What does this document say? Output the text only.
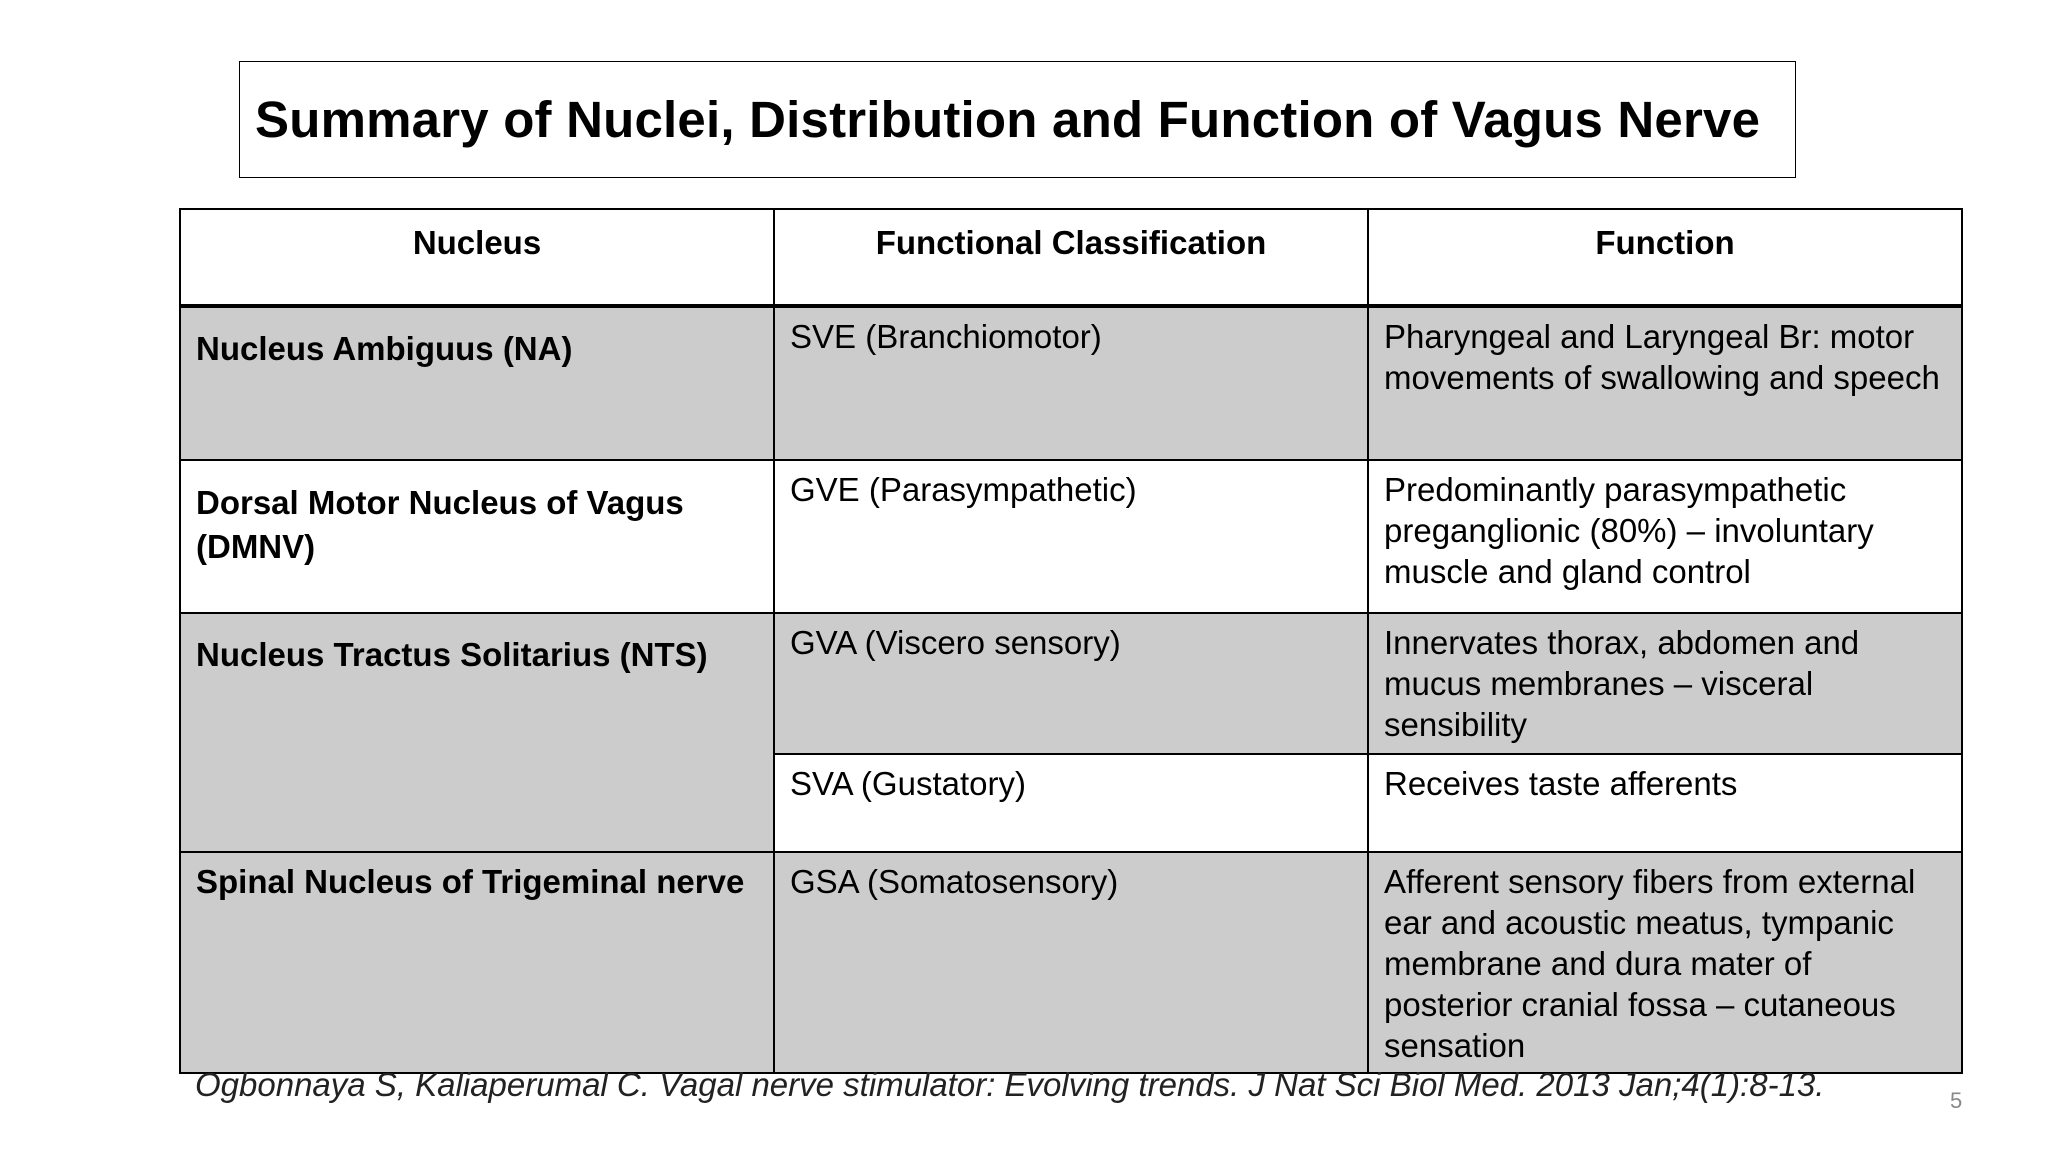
Summary of Nuclei, Distribution and Function of Vagus Nerve
Nucleus	Functional Classification	Function
Nucleus Ambiguus (NA)	SVE (Branchiomotor)	Pharyngeal and Laryngeal Br: motor movements of swallowing and speech
Dorsal Motor Nucleus of Vagus (DMNV)	GVE (Parasympathetic)	Predominantly parasympathetic preganglionic (80%) – involuntary muscle and gland control
Nucleus Tractus Solitarius (NTS)	GVA (Viscero sensory)	Innervates thorax, abdomen and mucus membranes – visceral sensibility
	SVA (Gustatory)	Receives taste afferents
Spinal Nucleus of Trigeminal nerve	GSA (Somatosensory)	Afferent sensory fibers from external ear and acoustic meatus, tympanic membrane and dura mater of posterior cranial fossa – cutaneous sensation
Ogbonnaya S, Kaliaperumal C. Vagal nerve stimulator: Evolving trends. J Nat Sci Biol Med. 2013 Jan;4(1):8-13.	5
